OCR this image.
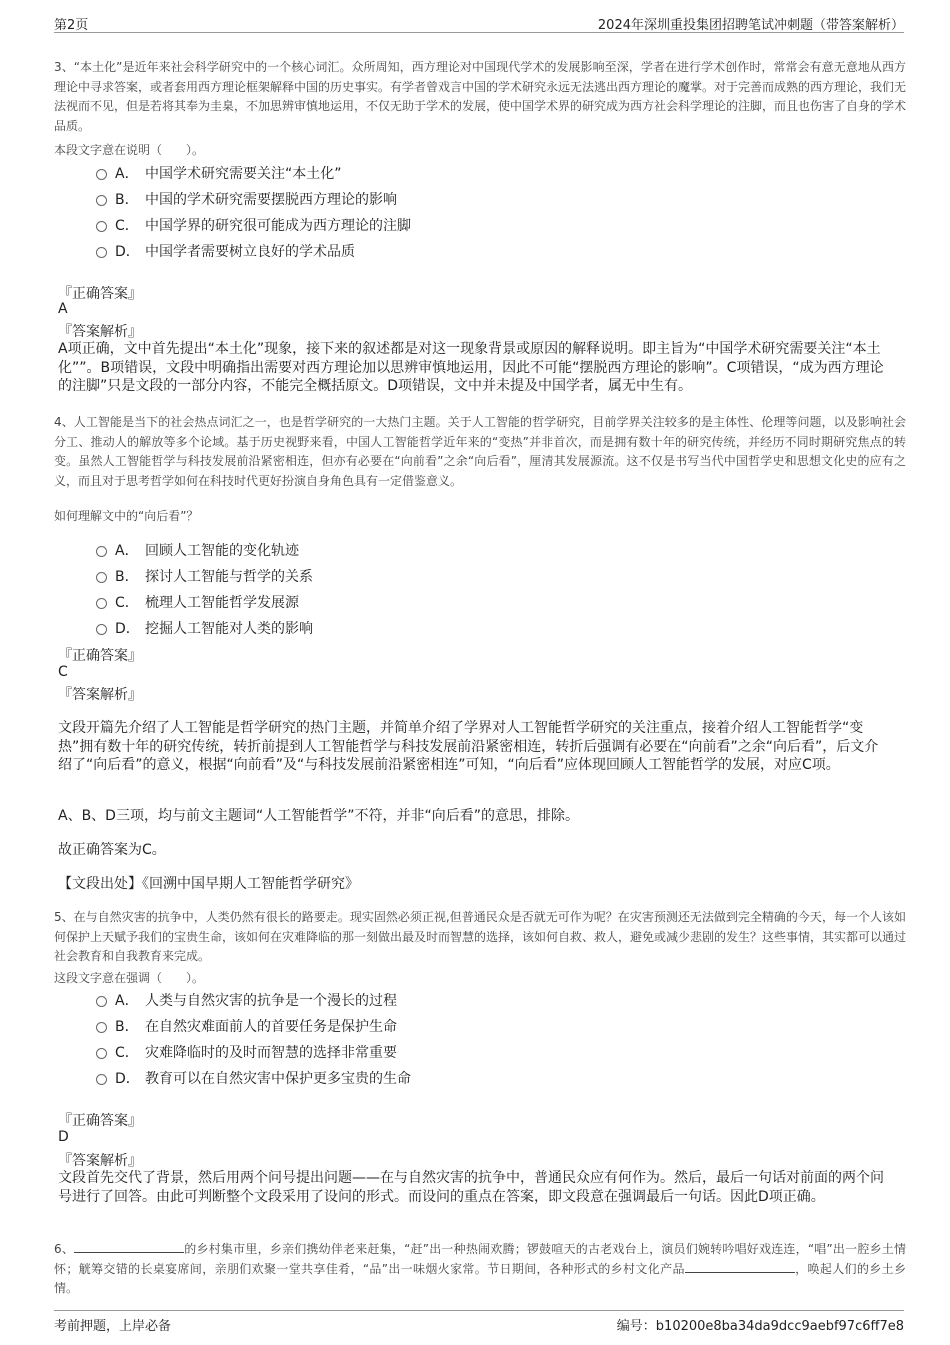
第2页	2024年深圳重投集团招聘笔试冲刺题（带答案解析）

3、“本土化”是近年来社会科学研究中的一个核心词汇。众所周知，西方理论对中国现代学术的发展影响至深，学者在进行学术创作时，常常会有意无意地从西方理论中寻求答案，或者套用西方理论框架解释中国的历史事实。有学者曾戏言中国的学术研究永远无法逃出西方理论的魔掌。对于完善而成熟的西方理论，我们无法视而不见，但是若将其奉为圭臬，不加思辨审慎地运用，不仅无助于学术的发展，使中国学术界的研究成为西方社会科学理论的注脚，而且也伤害了自身的学术品质。

本段文字意在说明（　　）。

A． 中国学术研究需要关注“本土化”
B． 中国的学术研究需要摆脱西方理论的影响
C． 中国学界的研究很可能成为西方理论的注脚
D． 中国学者需要树立良好的学术品质

『正确答案』

A

『答案解析』

A项正确，文中首先提出“本土化”现象，接下来的叙述都是对这一现象背景或原因的解释说明。即主旨为“中国学术研究需要关注“本土化””。B项错误，文段中明确指出需要对西方理论加以思辨审慎地运用，因此不可能“摆脱西方理论的影响”。C项错误，“成为西方理论的注脚”只是文段的一部分内容，不能完全概括原文。D项错误，文中并未提及中国学者，属无中生有。

4、人工智能是当下的社会热点词汇之一，也是哲学研究的一大热门主题。关于人工智能的哲学研究，目前学界关注较多的是主体性、伦理等问题，以及影响社会分工、推动人的解放等多个论域。基于历史视野来看，中国人工智能哲学近年来的“变热”并非首次，而是拥有数十年的研究传统，并经历不同时期研究焦点的转变。虽然人工智能哲学与科技发展前沿紧密相连，但亦有必要在“向前看”之余“向后看”，厘清其发展源流。这不仅是书写当代中国哲学史和思想文化史的应有之义，而且对于思考哲学如何在科技时代更好扮演自身角色具有一定借鉴意义。

如何理解文中的“向后看”？

A． 回顾人工智能的变化轨迹
B． 探讨人工智能与哲学的关系
C． 梳理人工智能哲学发展源
D． 挖掘人工智能对人类的影响

『正确答案』

C

『答案解析』

文段开篇先介绍了人工智能是哲学研究的热门主题，并简单介绍了学界对人工智能哲学研究的关注重点，接着介绍人工智能哲学“变热”拥有数十年的研究传统，转折前提到人工智能哲学与科技发展前沿紧密相连，转折后强调有必要在“向前看”之余“向后看”，后文介绍了“向后看”的意义，根据“向前看”及“与科技发展前沿紧密相连”可知，“向后看”应体现回顾人工智能哲学的发展，对应C项。

A、B、D三项，均与前文主题词“人工智能哲学”不符，并非“向后看”的意思，排除。

故正确答案为C。

【文段出处】《回溯中国早期人工智能哲学研究》

5、在与自然灾害的抗争中，人类仍然有很长的路要走。现实固然必须正视,但普通民众是否就无可作为呢？在灾害预测还无法做到完全精确的今天，每一个人该如何保护上天赋予我们的宝贵生命，该如何在灾难降临的那一刻做出最及时而智慧的选择，该如何自救、救人，避免或减少悲剧的发生？这些事情，其实都可以通过社会教育和自我教育来完成。

这段文字意在强调（　　）。

A． 人类与自然灾害的抗争是一个漫长的过程
B． 在自然灾难面前人的首要任务是保护生命
C． 灾难降临时的及时而智慧的选择非常重要
D． 教育可以在自然灾害中保护更多宝贵的生命

『正确答案』

D

『答案解析』

文段首先交代了背景，然后用两个问号提出问题——在与自然灾害的抗争中，普通民众应有何作为。然后，最后一句话对前面的两个问号进行了回答。由此可判断整个文段采用了设问的形式。而设问的重点在答案，即文段意在强调最后一句话。因此D项正确。

6、	的乡村集市里，乡亲们携幼伴老来赶集，“赶”出一种热闹欢腾；锣鼓喧天的古老戏台上，演员们婉转吟唱好戏连连，“唱”出一腔乡土情怀；觥筹交错的长桌宴席间，亲朋们欢聚一堂共享佳肴，“品”出一味烟火家常。节日期间，各种形式的乡村文化产品	，唤起人们的乡土乡情。

考前押题，上岸必备	编号：b10200e8ba34da9dcc9aebf97c6ff7e8
